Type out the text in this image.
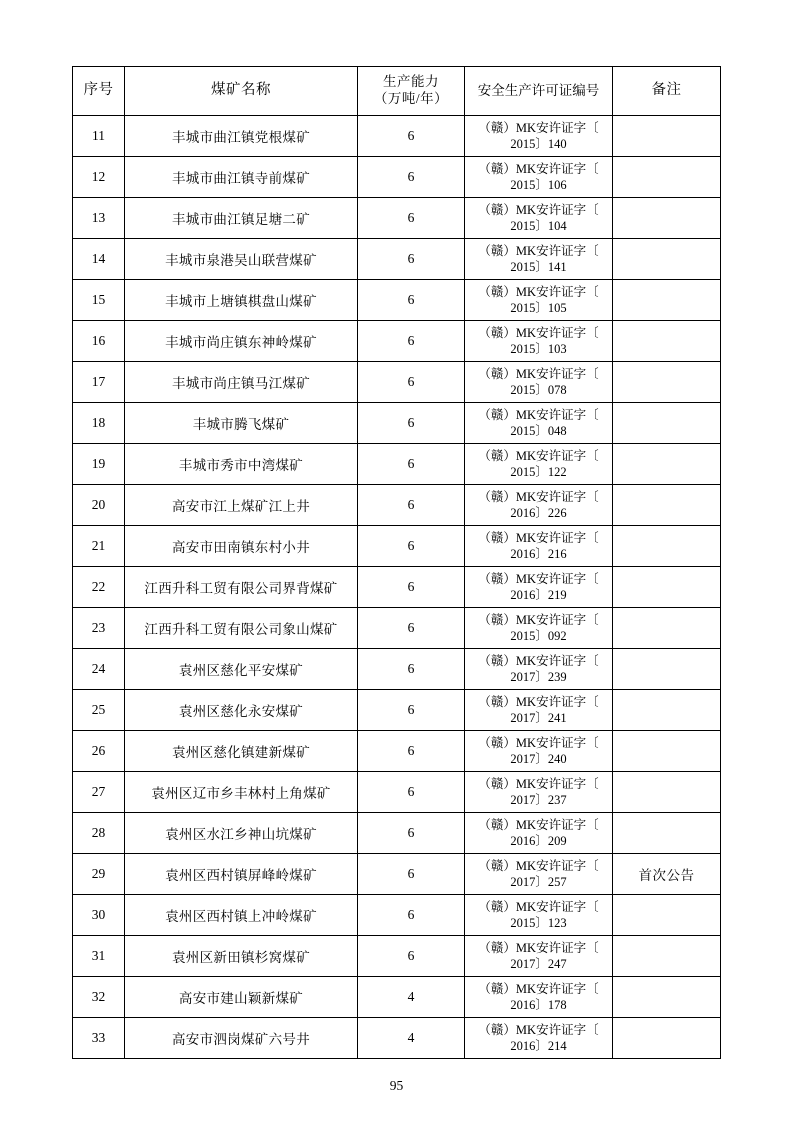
序号	煤矿名称	生产能力
（万吨/年）	安全生产许可证编号	备注
11	丰城市曲江镇党根煤矿	6	（赣）MK安许证字〔
2015〕140	

12	丰城市曲江镇寺前煤矿	6	（赣）MK安许证字〔
2015〕106	

13	丰城市曲江镇足塘二矿	6	（赣）MK安许证字〔
2015〕104	

14	丰城市泉港吴山联营煤矿	6	（赣）MK安许证字〔
2015〕141	

15	丰城市上塘镇棋盘山煤矿	6	（赣）MK安许证字〔
2015〕105	

16	丰城市尚庄镇东神岭煤矿	6	（赣）MK安许证字〔
2015〕103	

17	丰城市尚庄镇马江煤矿	6	（赣）MK安许证字〔
2015〕078	

18	丰城市腾飞煤矿	6	（赣）MK安许证字〔
2015〕048	

19	丰城市秀市中湾煤矿	6	（赣）MK安许证字〔
2015〕122	

20	高安市江上煤矿江上井	6	（赣）MK安许证字〔
2016〕226	

21	高安市田南镇东村小井	6	（赣）MK安许证字〔
2016〕216	

22	江西升科工贸有限公司界背煤矿	6	（赣）MK安许证字〔
2016〕219	

23	江西升科工贸有限公司象山煤矿	6	（赣）MK安许证字〔
2015〕092	

24	袁州区慈化平安煤矿	6	（赣）MK安许证字〔
2017〕239	

25	袁州区慈化永安煤矿	6	（赣）MK安许证字〔
2017〕241	

26	袁州区慈化镇建新煤矿	6	（赣）MK安许证字〔
2017〕240	

27	袁州区辽市乡丰林村上角煤矿	6	（赣）MK安许证字〔
2017〕237	

28	袁州区水江乡神山坑煤矿	6	（赣）MK安许证字〔
2016〕209	

29	袁州区西村镇屏峰岭煤矿	6	（赣）MK安许证字〔
2017〕257	首次公告
30	袁州区西村镇上冲岭煤矿	6	（赣）MK安许证字〔
2015〕123	

31	袁州区新田镇杉窝煤矿	6	（赣）MK安许证字〔
2017〕247	

32	高安市建山颖新煤矿	4	（赣）MK安许证字〔
2016〕178	

33	高安市泗岗煤矿六号井	4	（赣）MK安许证字〔
2016〕214	

95
